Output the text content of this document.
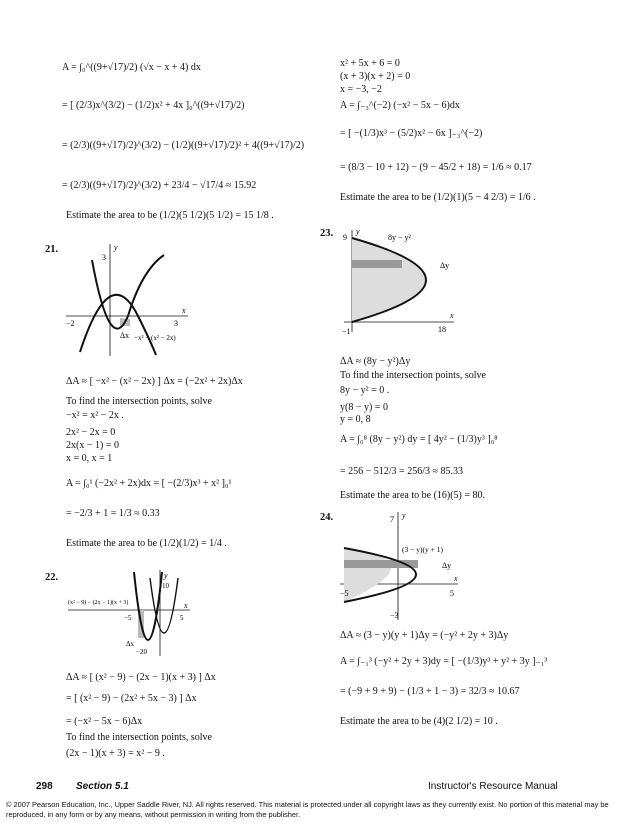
A = ∫₀^((9+√17)/2) (√x − x + 4) dx
= [ (2/3)x^(3/2) − (1/2)x² + 4x ]₀^((9+√17)/2)
= (2/3)((9+√17)/2)^(3/2) − (1/2)((9+√17)/2)² + 4((9+√17)/2)
= (2/3)((9+√17)/2)^(3/2) + 23/4 − √17/4 ≈ 15.92
Estimate the area to be (1/2)(5 1/2)(5 1/2) = 15 1/8 .
21.	y
x
3
−2	3
Δx −x² − (x² − 2x)
ΔA ≈ [ −x² − (x² − 2x) ] Δx = (−2x² + 2x)Δx
To find the intersection points, solve
−x² = x² − 2x .
2x² − 2x = 0
2x(x − 1) = 0
x = 0, x = 1
A = ∫₀¹ (−2x² + 2x)dx = [ −(2/3)x³ + x² ]₀¹
= −2/3 + 1 = 1/3 ≈ 0.33
Estimate the area to be (1/2)(1/2) = 1/4 .
22.	y
x
(x² − 9) − (2x − 1)(x + 3)
10
−5	5
−20
Δx
ΔA ≈ [ (x² − 9) − (2x − 1)(x + 3) ] Δx
= [ (x² − 9) − (2x² + 5x − 3) ] Δx
= (−x² − 5x − 6)Δx
To find the intersection points, solve
(2x − 1)(x + 3) = x² − 9 .
x² + 5x + 6 = 0
(x + 3)(x + 2) = 0
x = −3, −2
A = ∫₋₃^(−2) (−x² − 5x − 6)dx
= [ −(1/3)x³ − (5/2)x² − 6x ]₋₃^(−2)
= (8/3 − 10 + 12) − (9 − 45/2 + 18) = 1/6 ≈ 0.17
Estimate the area to be (1/2)(1)(5 − 4 2/3) = 1/6 .
23.	y
x
9	8y − y²
18
−1
Δy
ΔA ≈ (8y − y²)Δy
To find the intersection points, solve
8y − y² = 0 .
y(8 − y) = 0
y = 0, 8
A = ∫₀⁸ (8y − y²) dy = [ 4y² − (1/3)y³ ]₀⁸
= 256 − 512/3 = 256/3 ≈ 85.33
Estimate the area to be (16)(5) = 80.
24.	y
x
7
(3 − y)(y + 1)
−5	5
−3
Δy
ΔA ≈ (3 − y)(y + 1)Δy = (−y² + 2y + 3)Δy
A = ∫₋₁³ (−y² + 2y + 3)dy = [ −(1/3)y³ + y² + 3y ]₋₁³
= (−9 + 9 + 9) − (1/3 + 1 − 3) = 32/3 ≈ 10.67
Estimate the area to be (4)(2 1/2) = 10 .
298 Section 5.1	Instructor's Resource Manual
© 2007 Pearson Education, Inc., Upper Saddle River, NJ. All rights reserved. This material is protected under all copyright laws as they currently exist. No portion of this material may be reproduced, in any form or by any means, without permission in writing from the publisher.
